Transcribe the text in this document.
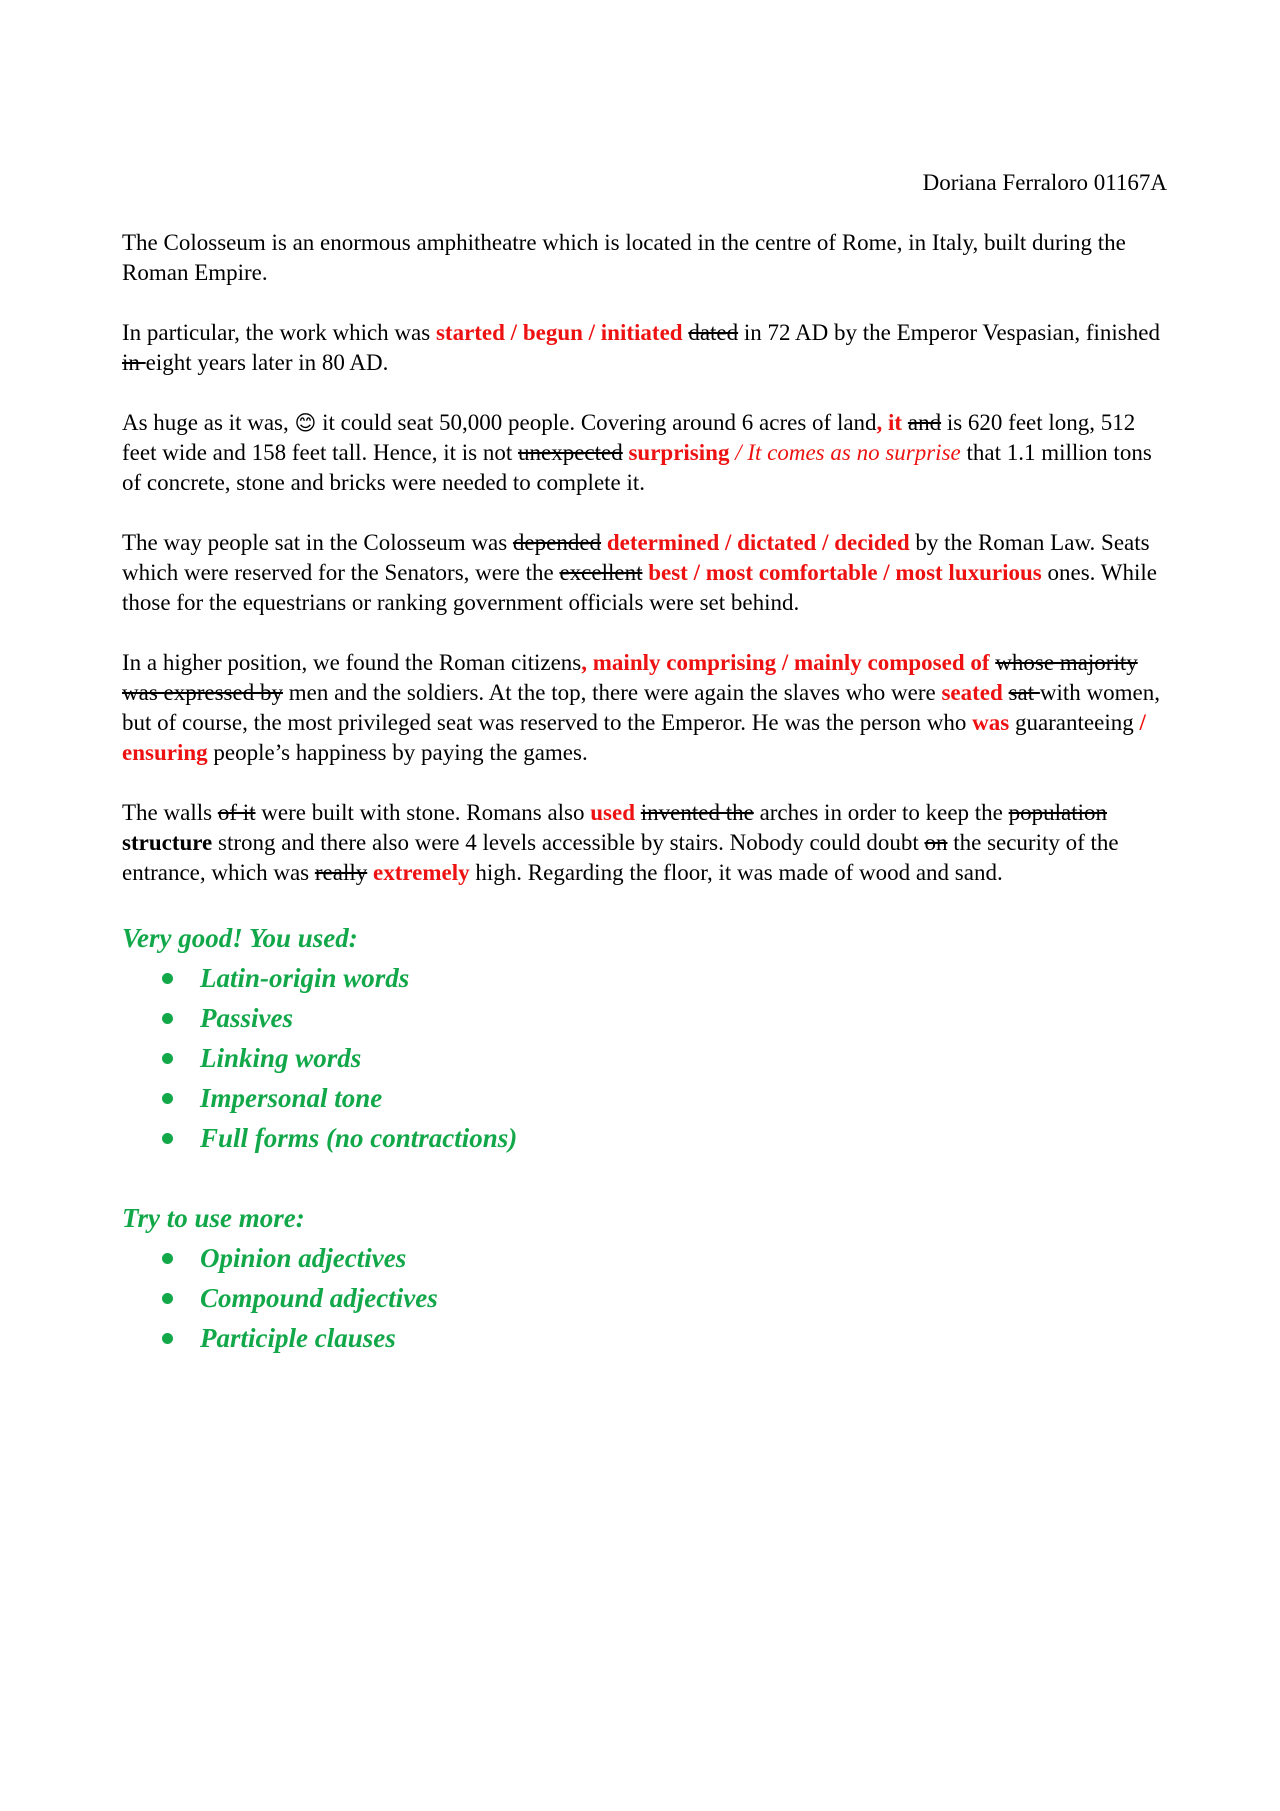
Doriana Ferraloro 01167A

The Colosseum is an enormous amphitheatre which is located in the centre of Rome, in Italy, built during the Roman Empire.

In particular, the work which was started / begun / initiated dated in 72 AD by the Emperor Vespasian, finished in eight years later in 80 AD.

As huge as it was, 😊 it could seat 50,000 people. Covering around 6 acres of land, it and is 620 feet long, 512 feet wide and 158 feet tall. Hence, it is not unexpected surprising / It comes as no surprise that 1.1 million tons of concrete, stone and bricks were needed to complete it.

The way people sat in the Colosseum was depended determined / dictated / decided by the Roman Law. Seats which were reserved for the Senators, were the excellent best / most comfortable / most luxurious ones. While those for the equestrians or ranking government officials were set behind.

In a higher position, we found the Roman citizens, mainly comprising / mainly composed of whose majority was expressed by men and the soldiers. At the top, there were again the slaves who were seated sat with women, but of course, the most privileged seat was reserved to the Emperor. He was the person who was guaranteeing / ensuring people’s happiness by paying the games.

The walls of it were built with stone. Romans also used invented the arches in order to keep the population structure strong and there also were 4 levels accessible by stairs. Nobody could doubt on the security of the entrance, which was really extremely high. Regarding the floor, it was made of wood and sand.

Very good! You used:

Latin-origin words
Passives
Linking words
Impersonal tone
Full forms (no contractions)

Try to use more:

Opinion adjectives
Compound adjectives
Participle clauses
